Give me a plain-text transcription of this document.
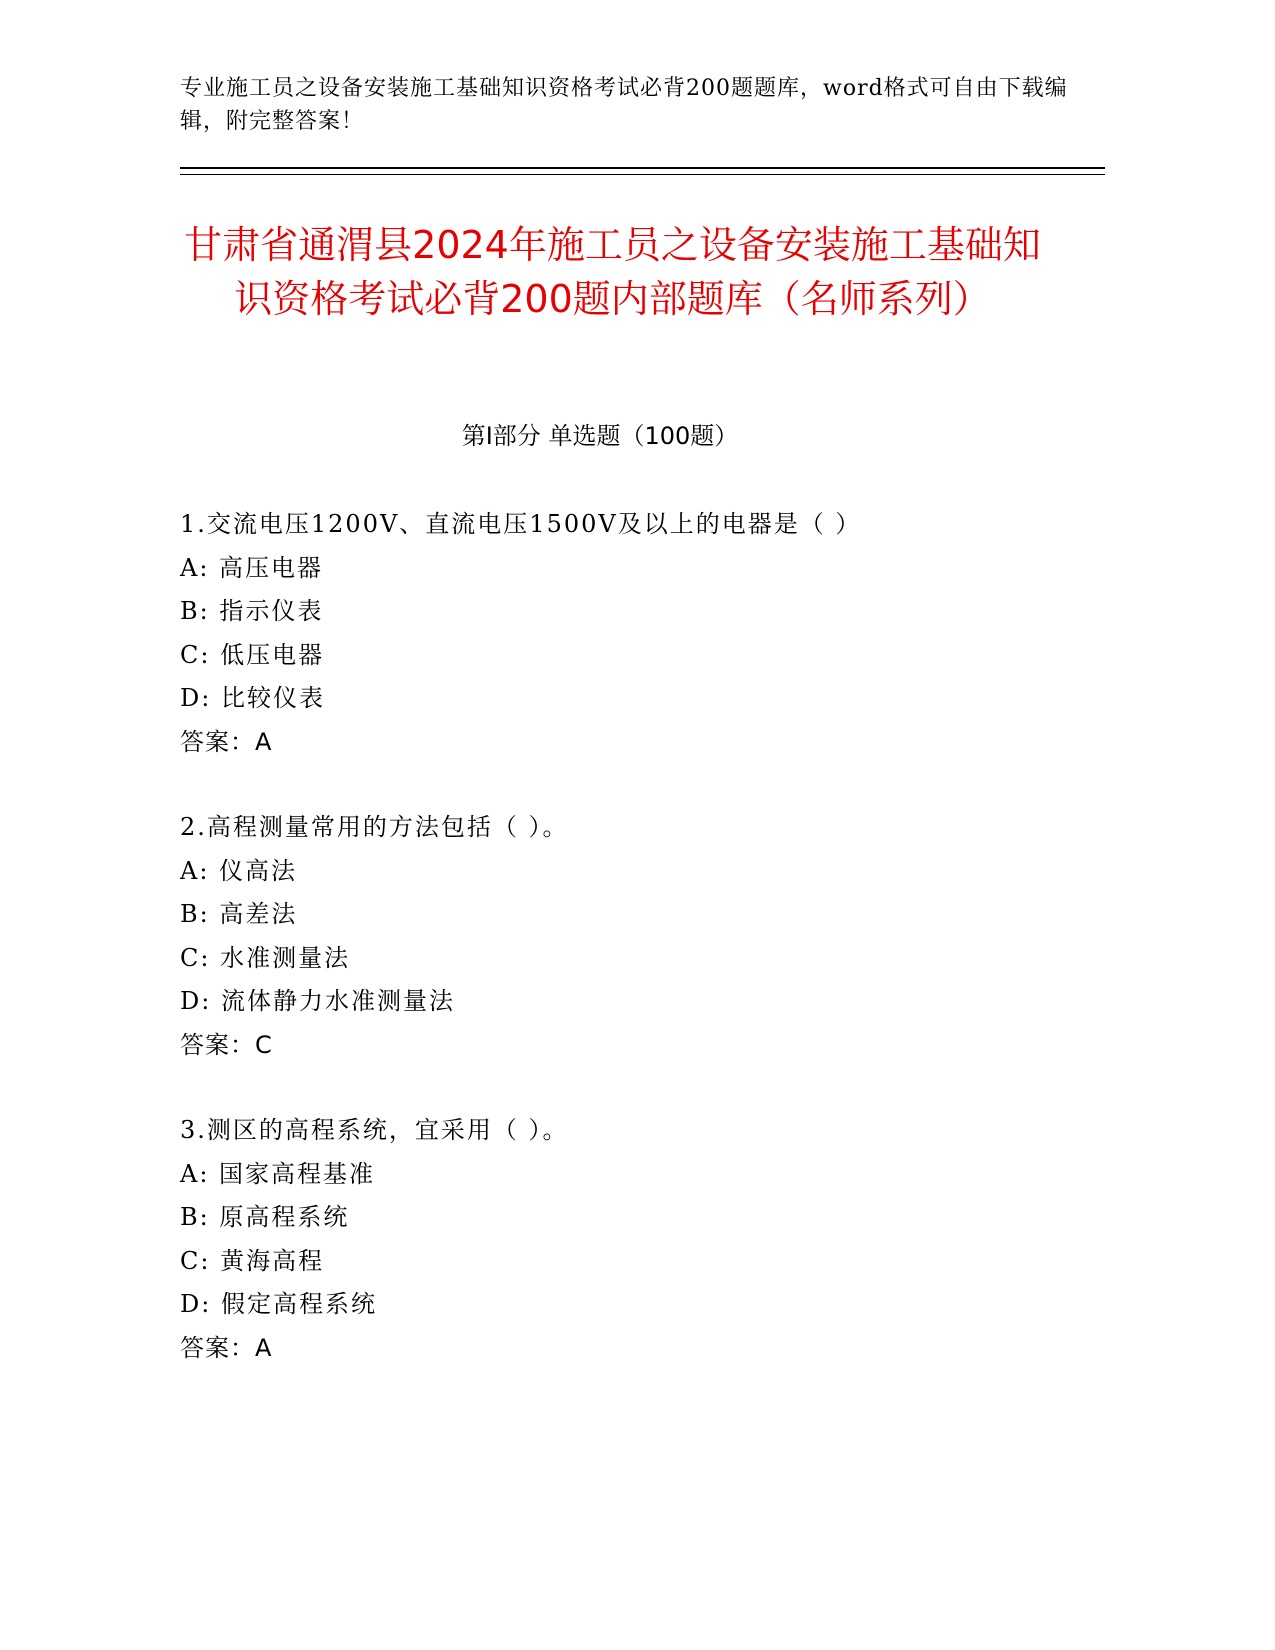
专业施工员之设备安装施工基础知识资格考试必背200题题库，word格式可自由下载编辑，附完整答案！
甘肃省通渭县2024年施工员之设备安装施工基础知识资格考试必背200题内部题库（名师系列）
第Ⅰ部分 单选题（100题）
1.交流电压1200V、直流电压1500V及以上的电器是（ ）
A: 高压电器
B: 指示仪表
C: 低压电器
D: 比较仪表
答案：A
2.高程测量常用的方法包括（ ）。
A: 仪高法
B: 高差法
C: 水准测量法
D: 流体静力水准测量法
答案：C
3.测区的高程系统，宜采用（ ）。
A: 国家高程基准
B: 原高程系统
C: 黄海高程
D: 假定高程系统
答案：A
